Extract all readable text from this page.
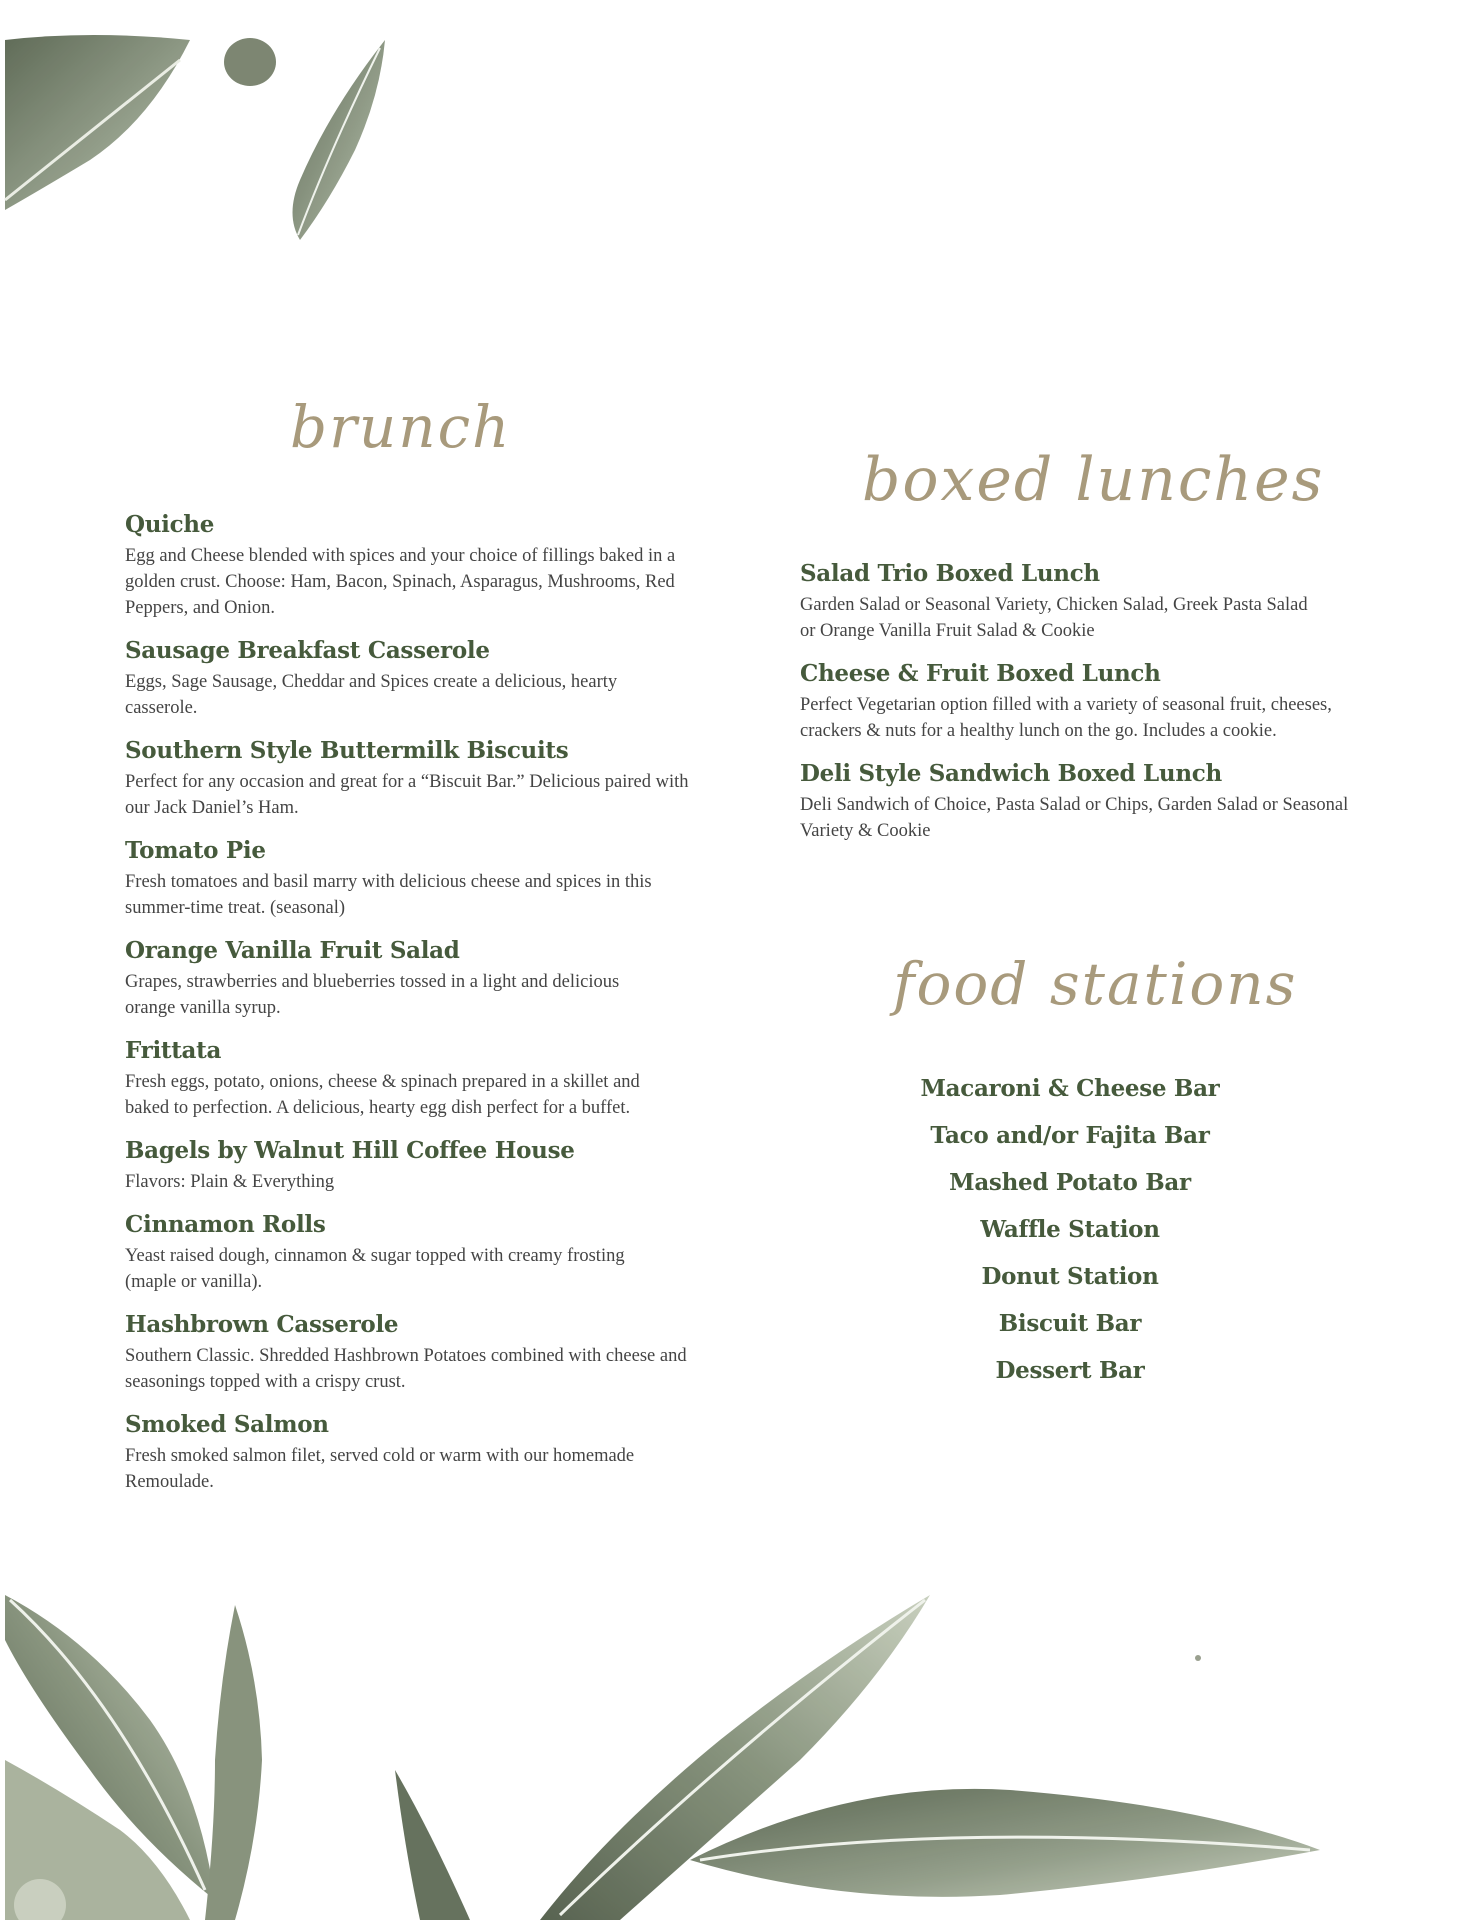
brunch
boxed lunches
food stations
Quiche

Egg and Cheese blended with spices and your choice of fillings baked in a golden crust. Choose: Ham, Bacon, Spinach, Asparagus, Mushrooms, Red Peppers, and Onion.

Sausage Breakfast Casserole

Eggs, Sage Sausage, Cheddar and Spices create a delicious, hearty casserole.

Southern Style Buttermilk Biscuits

Perfect for any occasion and great for a “Biscuit Bar.” Delicious paired with our Jack Daniel’s Ham.

Tomato Pie

Fresh tomatoes and basil marry with delicious cheese and spices in this summer-time treat. (seasonal)

Orange Vanilla Fruit Salad

Grapes, strawberries and blueberries tossed in a light and delicious orange vanilla syrup.

Frittata

Fresh eggs, potato, onions, cheese & spinach prepared in a skillet and baked to perfection. A delicious, hearty egg dish perfect for a buffet.

Bagels by Walnut Hill Coffee House

Flavors: Plain & Everything

Cinnamon Rolls

Yeast raised dough, cinnamon & sugar topped with creamy frosting (maple or vanilla).

Hashbrown Casserole

Southern Classic. Shredded Hashbrown Potatoes combined with cheese and seasonings topped with a crispy crust.

Smoked Salmon

Fresh smoked salmon filet, served cold or warm with our homemade Remoulade.

Salad Trio Boxed Lunch

Garden Salad or Seasonal Variety, Chicken Salad, Greek Pasta Salad or Orange Vanilla Fruit Salad & Cookie

Cheese & Fruit Boxed Lunch

Perfect Vegetarian option filled with a variety of seasonal fruit, cheeses, crackers & nuts for a healthy lunch on the go. Includes a cookie.

Deli Style Sandwich Boxed Lunch

Deli Sandwich of Choice, Pasta Salad or Chips, Garden Salad or Seasonal Variety & Cookie

Macaroni & Cheese Bar
Taco and/or Fajita Bar
Mashed Potato Bar
Waffle Station
Donut Station
Biscuit Bar
Dessert Bar
